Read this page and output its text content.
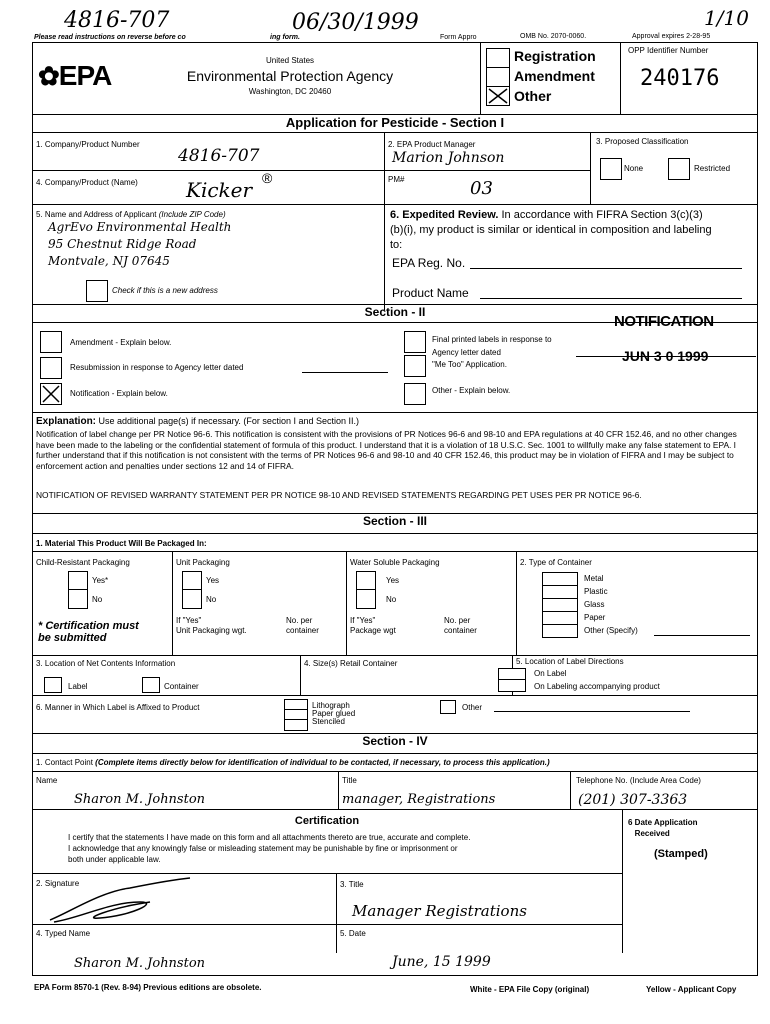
4816-707	06/30/1999	1/10
Please read instructions on reverse before co	ing form.	Form Appro	OMB No. 2070-0060.	Approval expires 2-28-95
✿EPA	United States
Environmental Protection Agency
Washington, DC 20460
Registration
Amendment
Other
OPP Identifier Number
240176
Application for Pesticide - Section I
1. Company/Product Number
4816-707
2. EPA Product Manager
Marion Johnson
3. Proposed Classification
None	Restricted
4. Company/Product (Name) Kicker ®	PM#	03
5. Name and Address of Applicant (Include ZIP Code)
AgrEvo Environmental Health
95 Chestnut Ridge Road
Montvale, NJ 07645
Check if this is a new address
6. Expedited Review. In accordance with FIFRA Section 3(c)(3)
(b)(i), my product is similar or identical in composition and labeling
to:
EPA Reg. No.
Product Name
Section - II
Amendment - Explain below.
Resubmission in response to Agency letter dated
Notification - Explain below.
Final printed labels in response to
Agency letter dated
"Me Too" Application.
Other - Explain below.
NOTIFICATION
JUN 3 0 1999
Explanation: Use additional page(s) if necessary. (For section I and Section II.)
Notification of label change per PR Notice 96-6. This notification is consistent with the provisions of PR Notices 96-6 and 98-10 and EPA regulations at 40 CFR 152.46, and no other changes have been made to the labeling or the confidential statement of formula of this product. I understand that it is a violation of 18 U.S.C. Sec. 1001 to willfully make any false statement to EPA. I further understand that if this notification is not consistent with the terms of PR Notices 96-6 and 98-10 and 40 CFR 152.46, this product may be in violation of FIFRA and I may be subject to enforcement action and penalties under sections 12 and 14 of FIFRA.
NOTIFICATION OF REVISED WARRANTY STATEMENT PER PR NOTICE 98-10 AND REVISED STATEMENTS REGARDING PET USES PER PR NOTICE 96-6.
Section - III
1. Material This Product Will Be Packaged In:
Child-Resistant Packaging
Yes*
No
* Certification must
be submitted
Unit Packaging
Yes
No
If "Yes"
Unit Packaging wgt.
No. per
container
Water Soluble Packaging
Yes
No
If "Yes"
Package wgt
No. per
container
2. Type of Container
Metal
Plastic
Glass
Paper
Other (Specify)
3. Location of Net Contents Information
Label	Container
4. Size(s) Retail Container	5. Location of Label Directions
On Label
On Labeling accompanying product
6. Manner in Which Label is Affixed to Product	Lithograph
Paper glued
Stenciled
Other
Section - IV
1. Contact Point (Complete items directly below for identification of individual to be contacted, if necessary, to process this application.)
Name
Sharon M. Johnston
Title
manager, Registrations
Telephone No. (Include Area Code)
(201) 307-3363
Certification
I certify that the statements I have made on this form and all attachments thereto are true, accurate and complete.
I acknowledge that any knowingly false or misleading statement may be punishable by fine or imprisonment or
both under applicable law.
6 Date Application
Received
(Stamped)
2. Signature	3. Title
Manager Registrations
4. Typed Name
Sharon M. Johnston
5. Date
June, 15 1999
EPA Form 8570-1 (Rev. 8-94) Previous editions are obsolete.	White - EPA File Copy (original)	Yellow - Applicant Copy
